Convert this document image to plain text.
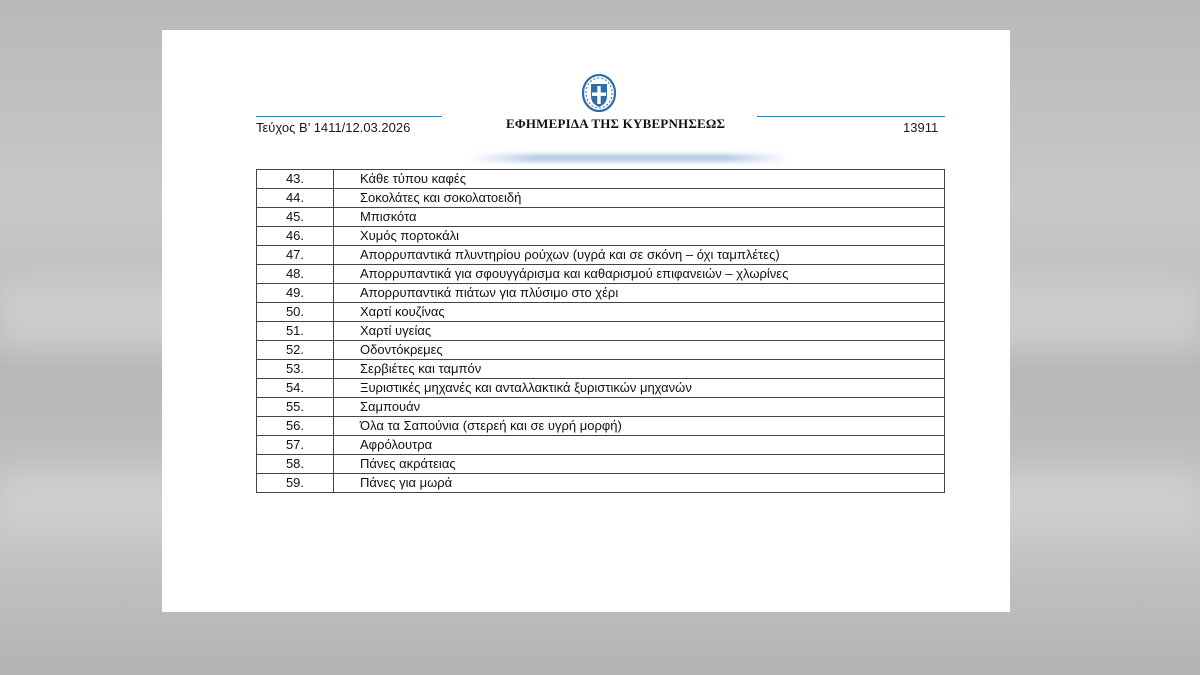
Τεύχος Β’ 1411/12.03.2026	ΕΦΗΜΕΡΙΔΑ ΤΗΣ ΚΥΒΕΡΝΗΣΕΩΣ	13911
43.	Κάθε τύπου καφές
44.	Σοκολάτες και σοκολατοειδή
45.	Μπισκότα
46.	Χυμός πορτοκάλι
47.	Απορρυπαντικά πλυντηρίου ρούχων (υγρά και σε σκόνη – όχι ταμπλέτες)
48.	Απορρυπαντικά για σφουγγάρισμα και καθαρισμού επιφανειών – χλωρίνες
49.	Απορρυπαντικά πιάτων για πλύσιμο στο χέρι
50.	Χαρτί κουζίνας
51.	Χαρτί υγείας
52.	Οδοντόκρεμες
53.	Σερβιέτες και ταμπόν
54.	Ξυριστικές μηχανές και ανταλλακτικά ξυριστικών μηχανών
55.	Σαμπουάν
56.	Όλα τα Σαπούνια (στερεή και σε υγρή μορφή)
57.	Αφρόλουτρα
58.	Πάνες ακράτειας
59.	Πάνες για μωρά
